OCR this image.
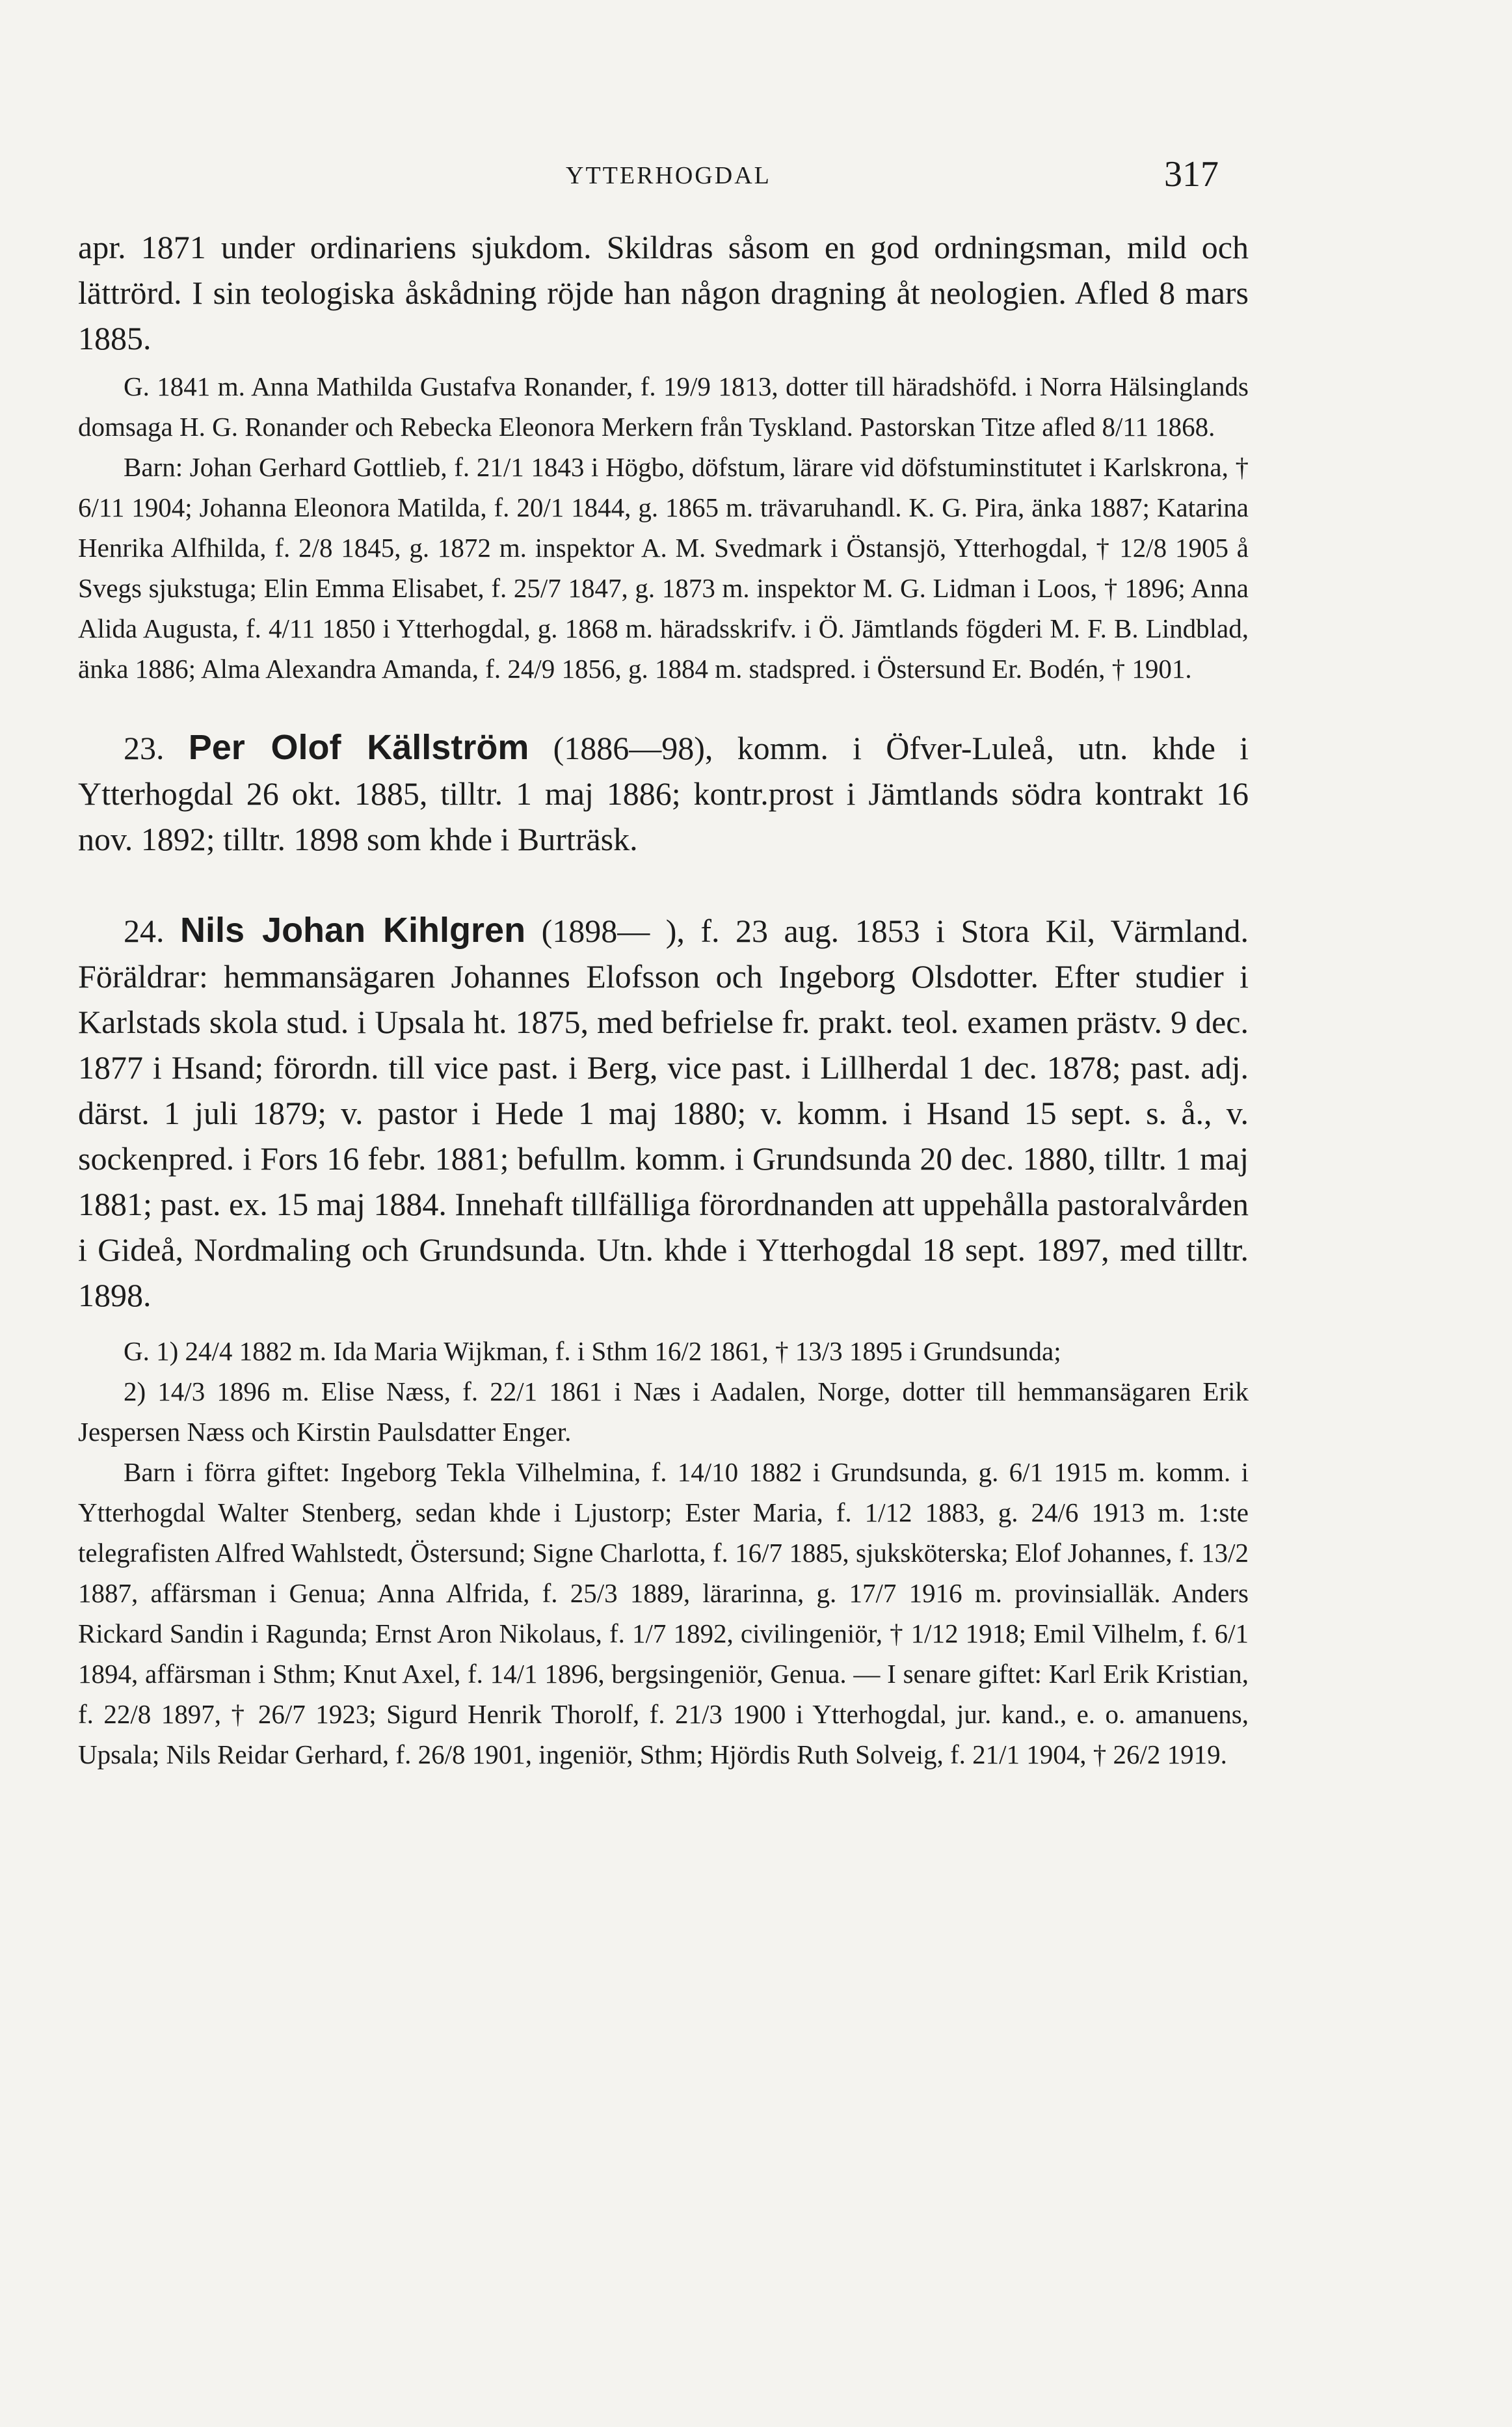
YTTERHOGDAL	317

apr. 1871 under ordinariens sjukdom. Skildras såsom en god ordningsman, mild och lättrörd. I sin teologiska åskådning röjde han någon dragning åt neologien. Afled 8 mars 1885.

G. 1841 m. Anna Mathilda Gustafva Ronander, f. 19/9 1813, dotter till häradshöfd. i Norra Hälsinglands domsaga H. G. Ronander och Rebecka Eleonora Merkern från Tyskland. Pastorskan Titze afled 8/11 1868.

Barn: Johan Gerhard Gottlieb, f. 21/1 1843 i Högbo, döfstum, lärare vid döfstuminstitutet i Karlskrona, † 6/11 1904; Johanna Eleonora Matilda, f. 20/1 1844, g. 1865 m. trävaruhandl. K. G. Pira, änka 1887; Katarina Henrika Alfhilda, f. 2/8 1845, g. 1872 m. inspektor A. M. Svedmark i Östansjö, Ytterhogdal, † 12/8 1905 å Svegs sjukstuga; Elin Emma Elisabet, f. 25/7 1847, g. 1873 m. inspektor M. G. Lidman i Loos, † 1896; Anna Alida Augusta, f. 4/11 1850 i Ytterhogdal, g. 1868 m. häradsskrifv. i Ö. Jämtlands fögderi M. F. B. Lindblad, änka 1886; Alma Alexandra Amanda, f. 24/9 1856, g. 1884 m. stadspred. i Östersund Er. Bodén, † 1901.

23. Per Olof Källström (1886—98), komm. i Öfver-Luleå, utn. khde i Ytterhogdal 26 okt. 1885, tilltr. 1 maj 1886; kontr.prost i Jämtlands södra kontrakt 16 nov. 1892; tilltr. 1898 som khde i Burträsk.

24. Nils Johan Kihlgren (1898— ), f. 23 aug. 1853 i Stora Kil, Värmland. Föräldrar: hemmansägaren Johannes Elofsson och Ingeborg Olsdotter. Efter studier i Karlstads skola stud. i Upsala ht. 1875, med befrielse fr. prakt. teol. examen prästv. 9 dec. 1877 i Hsand; förordn. till vice past. i Berg, vice past. i Lillherdal 1 dec. 1878; past. adj. därst. 1 juli 1879; v. pastor i Hede 1 maj 1880; v. komm. i Hsand 15 sept. s. å., v. sockenpred. i Fors 16 febr. 1881; befullm. komm. i Grundsunda 20 dec. 1880, tilltr. 1 maj 1881; past. ex. 15 maj 1884. Innehaft tillfälliga förordnanden att uppehålla pastoralvården i Gideå, Nordmaling och Grundsunda. Utn. khde i Ytterhogdal 18 sept. 1897, med tilltr. 1898.

G. 1) 24/4 1882 m. Ida Maria Wijkman, f. i Sthm 16/2 1861, † 13/3 1895 i Grundsunda;

2) 14/3 1896 m. Elise Næss, f. 22/1 1861 i Næs i Aadalen, Norge, dotter till hemmansägaren Erik Jespersen Næss och Kirstin Paulsdatter Enger.

Barn i förra giftet: Ingeborg Tekla Vilhelmina, f. 14/10 1882 i Grundsunda, g. 6/1 1915 m. komm. i Ytterhogdal Walter Stenberg, sedan khde i Ljustorp; Ester Maria, f. 1/12 1883, g. 24/6 1913 m. 1:ste telegrafisten Alfred Wahlstedt, Östersund; Signe Charlotta, f. 16/7 1885, sjuksköterska; Elof Johannes, f. 13/2 1887, affärsman i Genua; Anna Alfrida, f. 25/3 1889, lärarinna, g. 17/7 1916 m. provinsialläk. Anders Rickard Sandin i Ragunda; Ernst Aron Nikolaus, f. 1/7 1892, civilingeniör, † 1/12 1918; Emil Vilhelm, f. 6/1 1894, affärsman i Sthm; Knut Axel, f. 14/1 1896, bergsingeniör, Genua. — I senare giftet: Karl Erik Kristian, f. 22/8 1897, † 26/7 1923; Sigurd Henrik Thorolf, f. 21/3 1900 i Ytterhogdal, jur. kand., e. o. amanuens, Upsala; Nils Reidar Gerhard, f. 26/8 1901, ingeniör, Sthm; Hjördis Ruth Solveig, f. 21/1 1904, † 26/2 1919.
